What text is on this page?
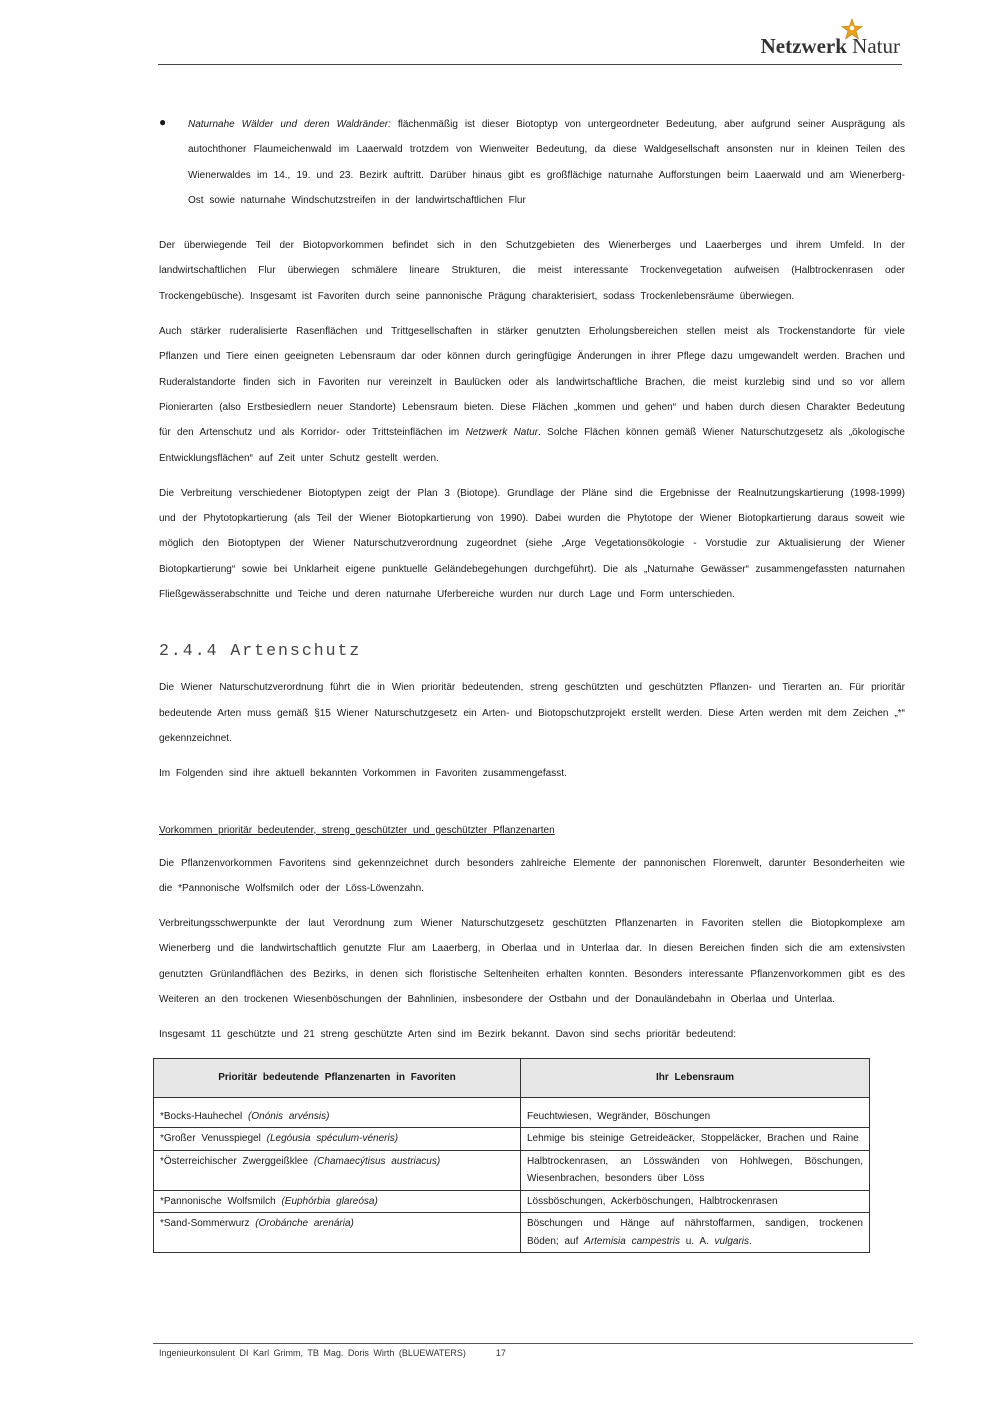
Netzwerk Natur
● Naturnahe Wälder und deren Waldränder: flächenmäßig ist dieser Biotoptyp von untergeordneter Bedeutung, aber aufgrund seiner Ausprägung als autochthoner Flaumeichenwald im Laaerwald trotzdem von Wienweiter Bedeutung, da diese Waldgesellschaft ansonsten nur in kleinen Teilen des Wienerwaldes im 14., 19. und 23. Bezirk auftritt. Darüber hinaus gibt es großflächige naturnahe Aufforstungen beim Laaerwald und am Wienerberg-Ost sowie naturnahe Windschutzstreifen in der landwirtschaftlichen Flur

Der überwiegende Teil der Biotopvorkommen befindet sich in den Schutzgebieten des Wienerberges und Laaerberges und ihrem Umfeld. In der landwirtschaftlichen Flur überwiegen schmälere lineare Strukturen, die meist interessante Trockenvegetation aufweisen (Halbtrockenrasen oder Trockengebüsche). Insgesamt ist Favoriten durch seine pannonische Prägung charakterisiert, sodass Trockenlebensräume überwiegen.

Auch stärker ruderalisierte Rasenflächen und Trittgesellschaften in stärker genutzten Erholungsbereichen stellen meist als Trockenstandorte für viele Pflanzen und Tiere einen geeigneten Lebensraum dar oder können durch geringfügige Änderungen in ihrer Pflege dazu umgewandelt werden. Brachen und Ruderalstandorte finden sich in Favoriten nur vereinzelt in Baulücken oder als landwirtschaftliche Brachen, die meist kurzlebig sind und so vor allem Pionierarten (also Erstbesiedlern neuer Standorte) Lebensraum bieten. Diese Flächen „kommen und gehen“ und haben durch diesen Charakter Bedeutung für den Artenschutz und als Korridor- oder Trittsteinflächen im Netzwerk Natur. Solche Flächen können gemäß Wiener Naturschutzgesetz als „ökologische Entwicklungsflächen“ auf Zeit unter Schutz gestellt werden.

Die Verbreitung verschiedener Biotoptypen zeigt der Plan 3 (Biotope). Grundlage der Pläne sind die Ergebnisse der Realnutzungskartierung (1998-1999) und der Phytotopkartierung (als Teil der Wiener Biotopkartierung von 1990). Dabei wurden die Phytotope der Wiener Biotopkartierung daraus soweit wie möglich den Biotoptypen der Wiener Naturschutzverordnung zugeordnet (siehe „Arge Vegetationsökologie - Vorstudie zur Aktualisierung der Wiener Biotopkartierung“ sowie bei Unklarheit eigene punktuelle Geländebegehungen durchgeführt). Die als „Naturnahe Gewässer“ zusammengefassten naturnahen Fließgewässerabschnitte und Teiche und deren naturnahe Uferbereiche wurden nur durch Lage und Form unterschieden.

2.4.4 Artenschutz

Die Wiener Naturschutzverordnung führt die in Wien prioritär bedeutenden, streng geschützten und geschützten Pflanzen- und Tierarten an. Für prioritär bedeutende Arten muss gemäß §15 Wiener Naturschutzgesetz ein Arten- und Biotopschutzprojekt erstellt werden. Diese Arten werden mit dem Zeichen „*“ gekennzeichnet.

Im Folgenden sind ihre aktuell bekannten Vorkommen in Favoriten zusammengefasst.

Vorkommen prioritär bedeutender, streng geschützter und geschützter Pflanzenarten

Die Pflanzenvorkommen Favoritens sind gekennzeichnet durch besonders zahlreiche Elemente der pannonischen Florenwelt, darunter Besonderheiten wie die *Pannonische Wolfsmilch oder der Löss-Löwenzahn.

Verbreitungsschwerpunkte der laut Verordnung zum Wiener Naturschutzgesetz geschützten Pflanzenarten in Favoriten stellen die Biotopkomplexe am Wienerberg und die landwirtschaftlich genutzte Flur am Laaerberg, in Oberlaa und in Unterlaa dar. In diesen Bereichen finden sich die am extensivsten genutzten Grünlandflächen des Bezirks, in denen sich floristische Seltenheiten erhalten konnten. Besonders interessante Pflanzenvorkommen gibt es des Weiteren an den trockenen Wiesenböschungen der Bahnlinien, insbesondere der Ostbahn und der Donauländebahn in Oberlaa und Unterlaa.

Insgesamt 11 geschützte und 21 streng geschützte Arten sind im Bezirk bekannt. Davon sind sechs prioritär bedeutend:

Prioritär bedeutende Pflanzenarten in Favoriten	Ihr Lebensraum
*Bocks-Hauhechel (Onónis arvénsis)	Feuchtwiesen, Wegränder, Böschungen
*Großer Venusspiegel (Legóusia spéculum-véneris)	Lehmige bis steinige Getreideäcker, Stoppeläcker, Brachen und Raine
*Österreichischer Zwerggeißklee (Chamaecýtisus austriacus)	Halbtrockenrasen, an Lösswänden von Hohlwegen, Böschungen, Wiesenbrachen, besonders über Löss
*Pannonische Wolfsmilch (Euphórbia glareósa)	Lössböschungen, Ackerböschungen, Halbtrockenrasen
*Sand-Sommerwurz (Orobánche arenária)	Böschungen und Hänge auf nährstoffarmen, sandigen, trockenen Böden; auf Artemisia campestris u. A. vulgaris.
Ingenieurkonsulent DI Karl Grimm, TB Mag. Doris Wirth (BLUEWATERS)	17
